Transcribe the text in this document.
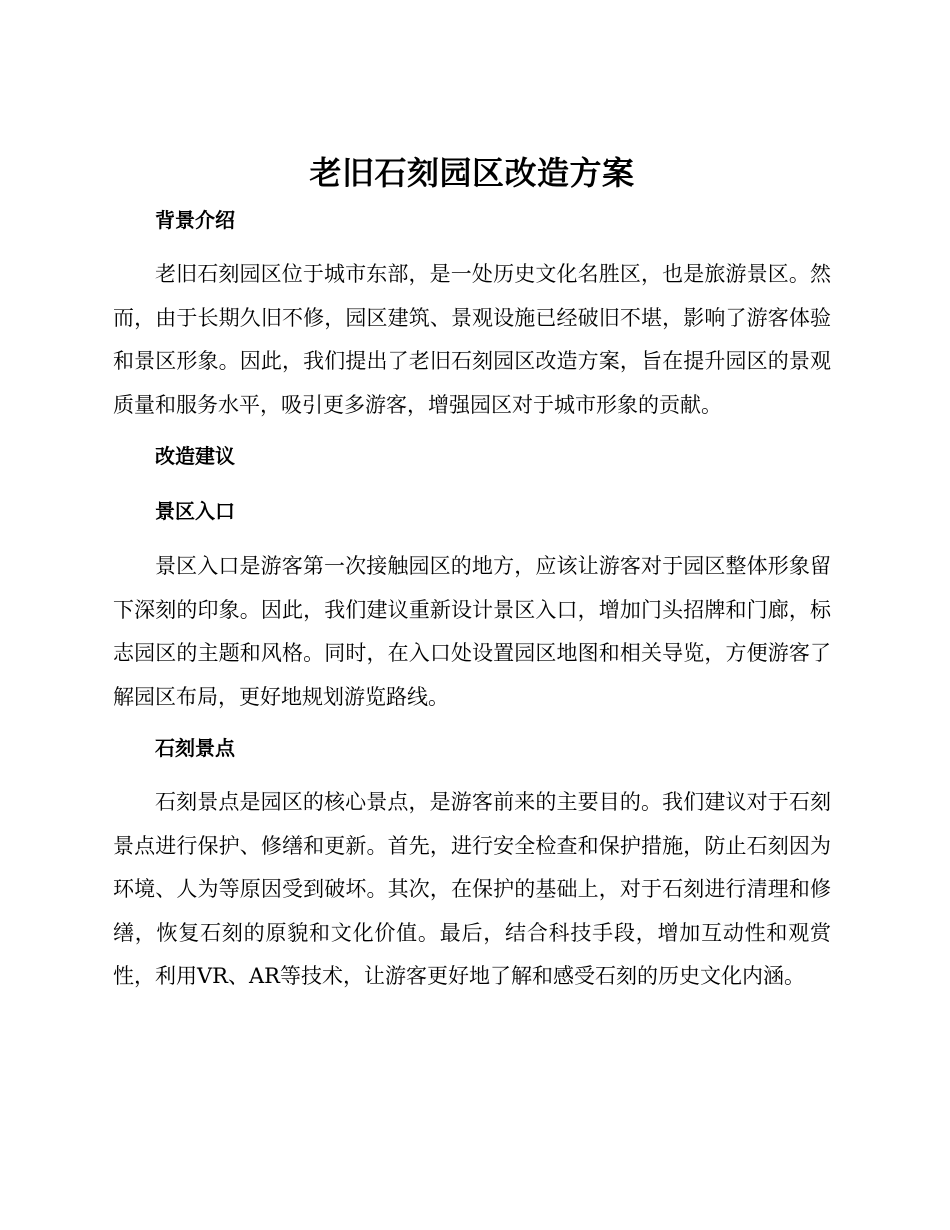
老旧石刻园区改造方案
背景介绍

老旧石刻园区位于城市东部，是一处历史文化名胜区，也是旅游景区。然而，由于长期久旧不修，园区建筑、景观设施已经破旧不堪，影响了游客体验和景区形象。因此，我们提出了老旧石刻园区改造方案，旨在提升园区的景观质量和服务水平，吸引更多游客，增强园区对于城市形象的贡献。

改造建议
景区入口

景区入口是游客第一次接触园区的地方，应该让游客对于园区整体形象留下深刻的印象。因此，我们建议重新设计景区入口，增加门头招牌和门廊，标志园区的主题和风格。同时，在入口处设置园区地图和相关导览，方便游客了解园区布局，更好地规划游览路线。

石刻景点

石刻景点是园区的核心景点，是游客前来的主要目的。我们建议对于石刻景点进行保护、修缮和更新。首先，进行安全检查和保护措施，防止石刻因为环境、人为等原因受到破坏。其次，在保护的基础上，对于石刻进行清理和修缮，恢复石刻的原貌和文化价值。最后，结合科技手段，增加互动性和观赏性，利用VR、AR等技术，让游客更好地了解和感受石刻的历史文化内涵。
